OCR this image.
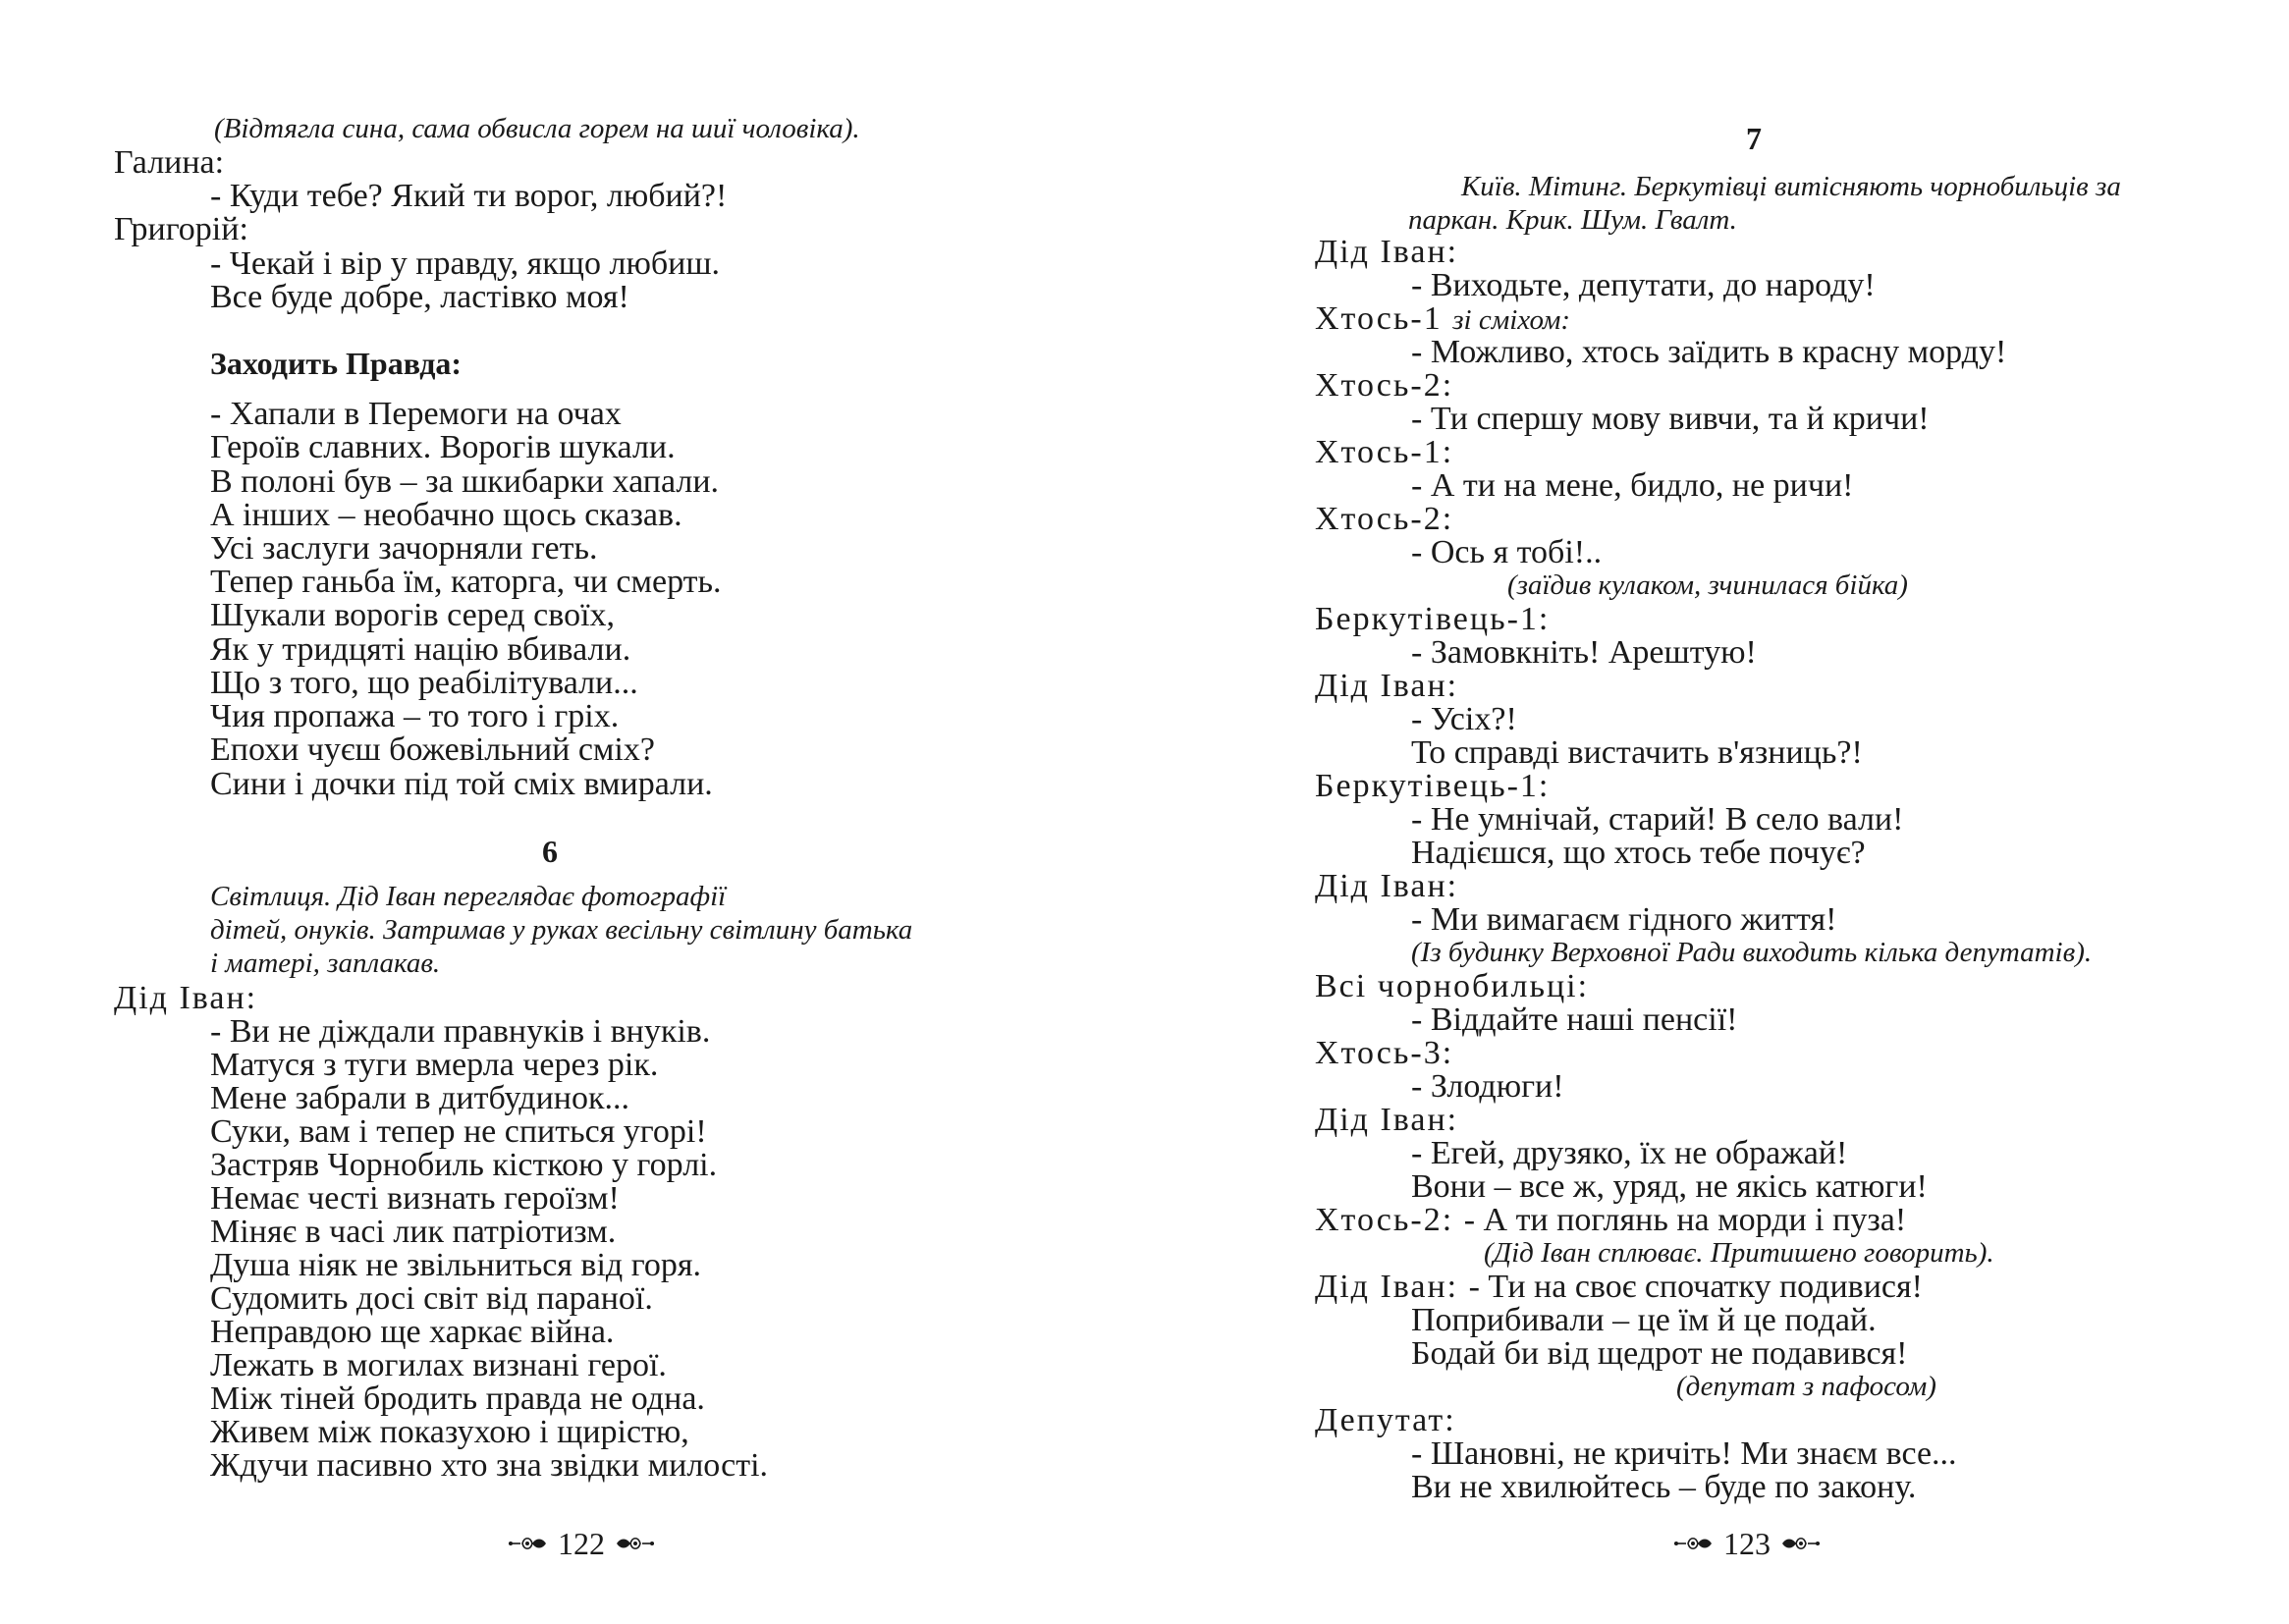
(Відтягла сина, сама обвисла горем на шиї чоловіка).
Галина:
- Куди тебе? Який ти ворог, любий?!
Григорій:
- Чекай і вір у правду, якщо любиш.
Все буде добре, ластівко моя!
Заходить Правда:
- Хапали в Перемоги на очах
Героїв славних. Ворогів шукали.
В полоні був – за шкибарки хапали.
А інших – необачно щось сказав.
Усі заслуги зачорняли геть.
Тепер ганьба їм, каторга, чи смерть.
Шукали ворогів серед своїх,
Як у тридцяті націю вбивали.
Що з того, що реабілітували...
Чия пропажа – то того і гріх.
Епохи чуєш божевільний сміх?
Сини і дочки під той сміх вмирали.
6
Світлиця. Дід Іван переглядає фотографії
дітей, онуків. Затримав у руках весільну світлину батька
і матері, заплакав.
Дід Іван:
- Ви не діждали правнуків і внуків.
Матуся з туги вмерла через рік.
Мене забрали в дитбудинок...
Суки, вам і тепер не спиться угорі!
Застряв Чорнобиль кісткою у горлі.
Немає честі визнать героїзм!
Міняє в часі лик патріотизм.
Душа ніяк не звільниться від горя.
Судомить досі світ від параної.
Неправдою ще харкає війна.
Лежать в могилах визнані герої.
Між тіней бродить правда не одна.
Живем між показухою і щирістю,
Ждучи пасивно хто зна звідки милості.
122
7
Київ. Мітинг. Беркутівці витісняють чорнобильців за
паркан. Крик. Шум. Гвалт.
Дід Іван:
- Виходьте, депутати, до народу!
Хтось-1 зі сміхом:
- Можливо, хтось заїдить в красну морду!
Хтось-2:
- Ти спершу мову вивчи, та й кричи!
Хтось-1:
- А ти на мене, бидло, не ричи!
Хтось-2:
- Ось я тобі!..
(заїдив кулаком, зчинилася бійка)
Беркутівець-1:
- Замовкніть! Арештую!
Дід Іван:
- Усіх?!
То справді вистачить в'язниць?!
Беркутівець-1:
- Не умнічай, старий! В село вали!
Надієшся, що хтось тебе почує?
Дід Іван:
- Ми вимагаєм гідного життя!
(Із будинку Верховної Ради виходить кілька депутатів).
Всі чорнобильці:
- Віддайте наші пенсії!
Хтось-3:
- Злодюги!
Дід Іван:
- Егей, друзяко, їх не ображай!
Вони – все ж, уряд, не якісь катюги!
Хтось-2: - А ти поглянь на морди і пуза!
(Дід Іван сплюває. Притишено говорить).
Дід Іван: - Ти на своє спочатку подивися!
Поприбивали – це їм й це подай.
Бодай би від щедрот не подавився!
(депутат з пафосом)
Депутат:
- Шановні, не кричіть! Ми знаєм все...
Ви не хвилюйтесь – буде по закону.
123
